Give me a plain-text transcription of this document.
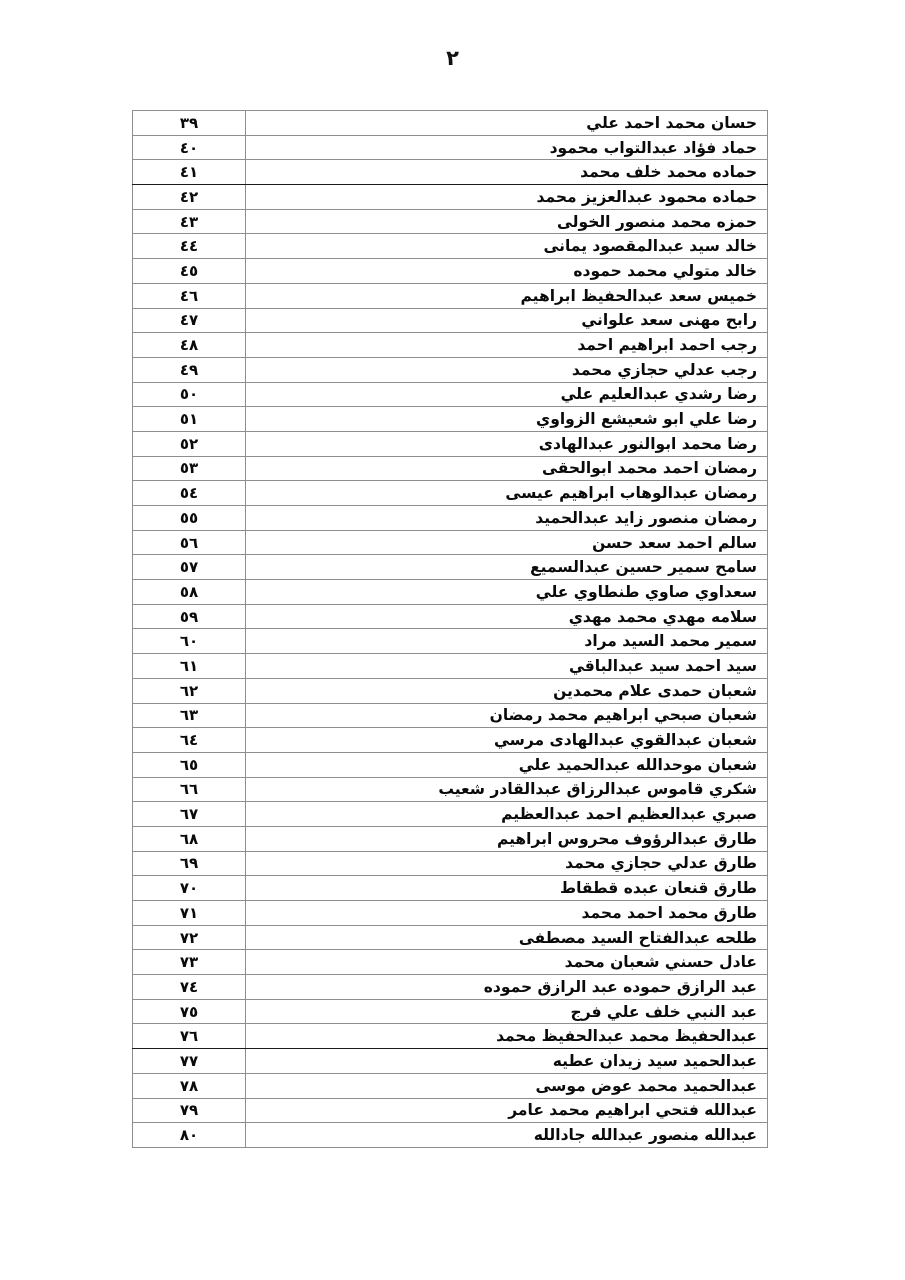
٢
حسان محمد احمد علي	٣٩
حماد فؤاد عبدالتواب محمود	٤٠
حماده محمد خلف محمد	٤١
حماده محمود عبدالعزيز محمد	٤٢
حمزه محمد منصور الخولى	٤٣
خالد سيد عبدالمقصود يمانى	٤٤
خالد متولي محمد حموده	٤٥
خميس سعد عبدالحفيظ ابراهيم	٤٦
رابح مهنى سعد علواني	٤٧
رجب احمد ابراهيم احمد	٤٨
رجب عدلي حجازي محمد	٤٩
رضا رشدي عبدالعليم علي	٥٠
رضا علي ابو شعيشع الزواوي	٥١
رضا محمد ابوالنور عبدالهادى	٥٢
رمضان احمد محمد ابوالحقى	٥٣
رمضان عبدالوهاب ابراهيم عيسى	٥٤
رمضان منصور زايد عبدالحميد	٥٥
سالم احمد سعد حسن	٥٦
سامح سمير حسين عبدالسميع	٥٧
سعداوي صاوي طنطاوي علي	٥٨
سلامه مهدي محمد مهدي	٥٩
سمير محمد السيد مراد	٦٠
سيد احمد سيد عبدالباقي	٦١
شعبان حمدى علام محمدين	٦٢
شعبان صبحي ابراهيم محمد رمضان	٦٣
شعبان عبدالقوي عبدالهادى مرسي	٦٤
شعبان موحدالله عبدالحميد علي	٦٥
شكري قاموس عبدالرزاق عبدالقادر شعيب	٦٦
صبري عبدالعظيم احمد عبدالعظيم	٦٧
طارق عبدالرؤوف محروس ابراهيم	٦٨
طارق عدلي حجازي محمد	٦٩
طارق قنعان عبده قطقاط	٧٠
طارق محمد احمد محمد	٧١
طلحه عبدالفتاح السيد مصطفى	٧٢
عادل حسني شعبان محمد	٧٣
عبد الرازق حموده عبد الرازق حموده	٧٤
عبد النبي خلف علي فرج	٧٥
عبدالحفيظ محمد عبدالحفيظ محمد	٧٦
عبدالحميد سيد زيدان عطيه	٧٧
عبدالحميد محمد عوض موسى	٧٨
عبدالله فتحي ابراهيم محمد عامر	٧٩
عبدالله منصور عبدالله جادالله	٨٠
